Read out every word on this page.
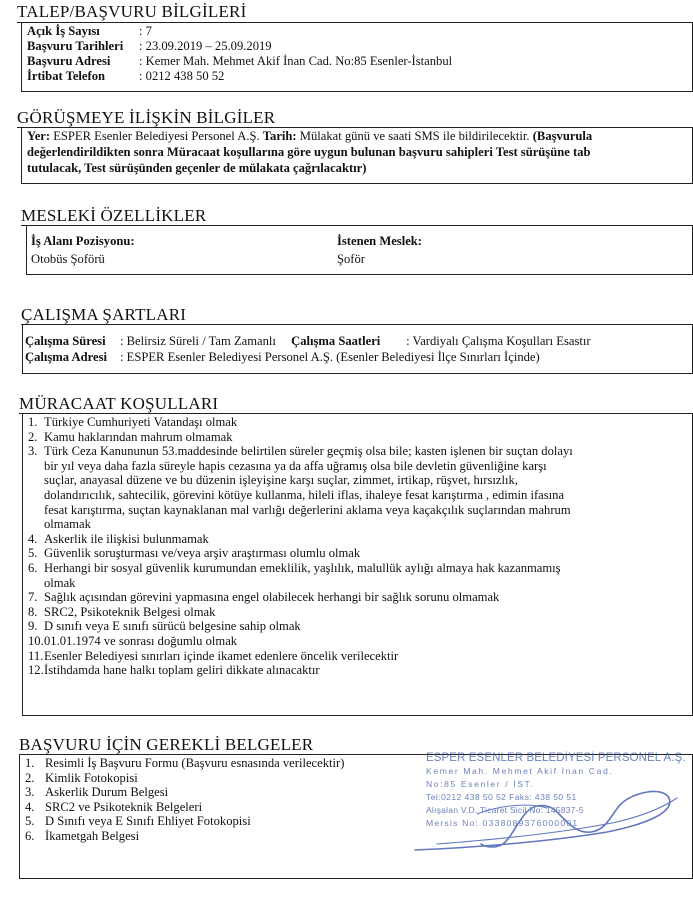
TALEP/BAŞVURU BİLGİLERİ
Açık İş Sayısı	: 7
Başvuru Tarihleri : 23.09.2019 – 25.09.2019
Başvuru Adresi : Kemer Mah. Mehmet Akif İnan Cad. No:85 Esenler-İstanbul
İrtibat Telefon	: 0212 438 50 52
GÖRÜŞMEYE İLİŞKİN BİLGİLER
Yer: ESPER Esenler Belediyesi Personel A.Ş. Tarih: Mülakat günü ve saati SMS ile bildirilecektir. (Başvurula
değerlendirildikten sonra Müracaat koşullarına göre uygun bulunan başvuru sahipleri Test sürüşüne tab
tutulacak, Test sürüşünden geçenler de mülakata çağrılacaktır)
MESLEKİ ÖZELLİKLER
İş Alanı Pozisyonu:
Otobüs Şoförü
İstenen Meslek:
Şoför
ÇALIŞMA ŞARTLARI
Çalışma Süresi : Belirsiz Süreli / Tam Zamanlı Çalışma Saatleri : Vardiyalı Çalışma Koşulları Esastır
Çalışma Adresi : ESPER Esenler Belediyesi Personel A.Ş. (Esenler Belediyesi İlçe Sınırları İçinde)
MÜRACAAT KOŞULLARI
1. Türkiye Cumhuriyeti Vatandaşı olmak
2. Kamu haklarından mahrum olmamak
3. Türk Ceza Kanununun 53.maddesinde belirtilen süreler geçmiş olsa bile; kasten işlenen bir suçtan dolayı
bir yıl veya daha fazla süreyle hapis cezasına ya da affa uğramış olsa bile devletin güvenliğine karşı
suçlar, anayasal düzene ve bu düzenin işleyişine karşı suçlar, zimmet, irtikap, rüşvet, hırsızlık,
dolandırıcılık, sahtecilik, görevini kötüye kullanma, hileli iflas, ihaleye fesat karıştırma , edimin ifasına
fesat karıştırma, suçtan kaynaklanan mal varlığı değerlerini aklama veya kaçakçılık suçlarından mahrum
olmamak
4. Askerlik ile ilişkisi bulunmamak
5. Güvenlik soruşturması ve/veya arşiv araştırması olumlu olmak
6. Herhangi bir sosyal güvenlik kurumundan emeklilik, yaşlılık, malullük aylığı almaya hak kazanmamış
olmak
7. Sağlık açısından görevini yapmasına engel olabilecek herhangi bir sağlık sorunu olmamak
8. SRC2, Psikoteknik Belgesi olmak
9. D sınıfı veya E sınıfı sürücü belgesine sahip olmak
10. 01.01.1974 ve sonrası doğumlu olmak
11. Esenler Belediyesi sınırları içinde ikamet edenlere öncelik verilecektir
12. İstihdamda hane halkı toplam geliri dikkate alınacaktır
BAŞVURU İÇİN GEREKLİ BELGELER
1. Resimli İş Başvuru Formu (Başvuru esnasında verilecektir)
2. Kimlik Fotokopisi
3. Askerlik Durum Belgesi
4. SRC2 ve Psikoteknik Belgeleri
5. D Sınıfı veya E Sınıfı Ehliyet Fotokopisi
6. İkametgah Belgesi
ESPER ESENLER BELEDİYESİ PERSONEL A.Ş.
Kemer Mah. Mehmet Akif İnan Cad.
No:85 Esenler / İST.
Tel:0212 438 50 52 Faks: 438 50 51
Alışalan V.D. Ticaret Sicil No: 145837-5
Mersis No: 0338089376000001
